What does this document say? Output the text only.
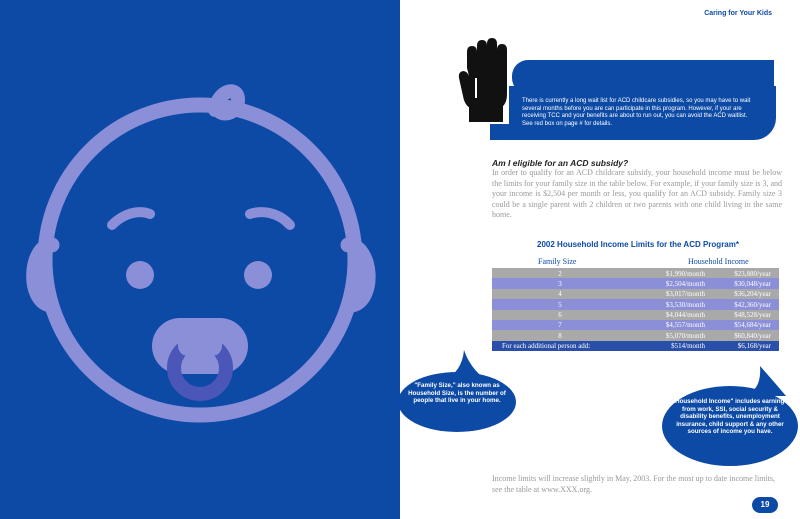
Caring for Your Kids
Look Out
There is currently a long wait list for ACD childcare subsidies, so you may have to wait several months before you are can participate in this program. However, if your are receiving TCC and your benefits are about to run out, you can avoid the ACD waitlist. See red box on page # for details.
Am I eligible for an ACD subsidy?
In order to qualify for an ACD childcare subsidy, your household income must be below the limits for your family size in the table below. For example, if your family size is 3, and your income is $2,504 per month or less, you qualify for an ACD subsidy. Family size 3 could be a single parent with 2 children or two parents with one child living in the same home.
2002 Household Income Limits for the ACD Program*
Family Size	Household Income
2	$1,990/month	$23,880/year
3	$2,504/month	$30,048/year
4	$3,017/month	$36,204/year
5	$3,530/month	$42,360/year
6	$4,044/month	$48,528/year
7	$4,557/month	$54,684/year
8	$5,070/month	$60,840/year
For each additional person add:	$514/month	$6,168/year
Income limits will increase slightly in May, 2003. For the most up to date income limits, see the table at www.XXX.org.
19
"Household Income" includes earnings from work, SSI, social security & disability benefits, unemployment insurance, child support & any other sources of income you have.
"Family Size," also known as Household Size, is the number of people that live in your home.
